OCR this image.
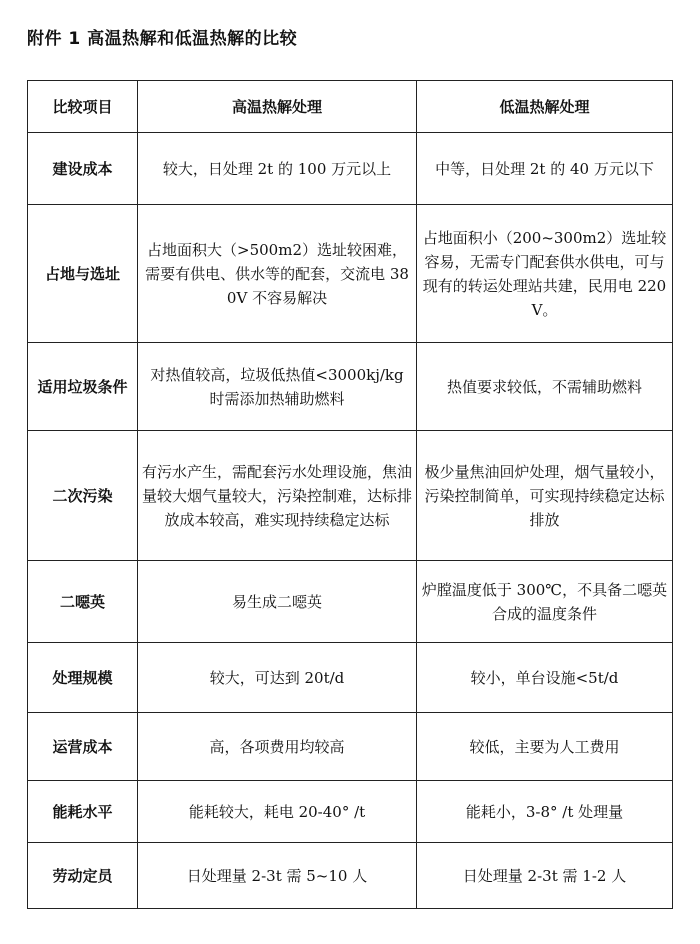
附件 1 高温热解和低温热解的比较
比较项目	高温热解处理	低温热解处理
建设成本	较大，日处理 2t 的 100 万元以上	中等，日处理 2t 的 40 万元以下
占地与选址	占地面积大（>500m2）选址较困难，需要有供电、供水等的配套，交流电 380V 不容易解决	占地面积小（200~300m2）选址较容易，无需专门配套供水供电，可与现有的转运处理站共建，民用电 220V。
适用垃圾条件	对热值较高，垃圾低热值<3000kj/kg 时需添加热辅助燃料	热值要求较低，不需辅助燃料
二次污染	有污水产生，需配套污水处理设施，焦油量较大烟气量较大，污染控制难，达标排放成本较高，难实现持续稳定达标	极少量焦油回炉处理，烟气量较小，污染控制简单，可实现持续稳定达标排放
二噁英	易生成二噁英	炉膛温度低于 300℃，不具备二噁英合成的温度条件
处理规模	较大，可达到 20t/d	较小，单台设施<5t/d
运营成本	高，各项费用均较高	较低，主要为人工费用
能耗水平	能耗较大，耗电 20-40° /t	能耗小，3-8° /t 处理量
劳动定员	日处理量 2-3t 需 5~10 人	日处理量 2-3t 需 1-2 人
